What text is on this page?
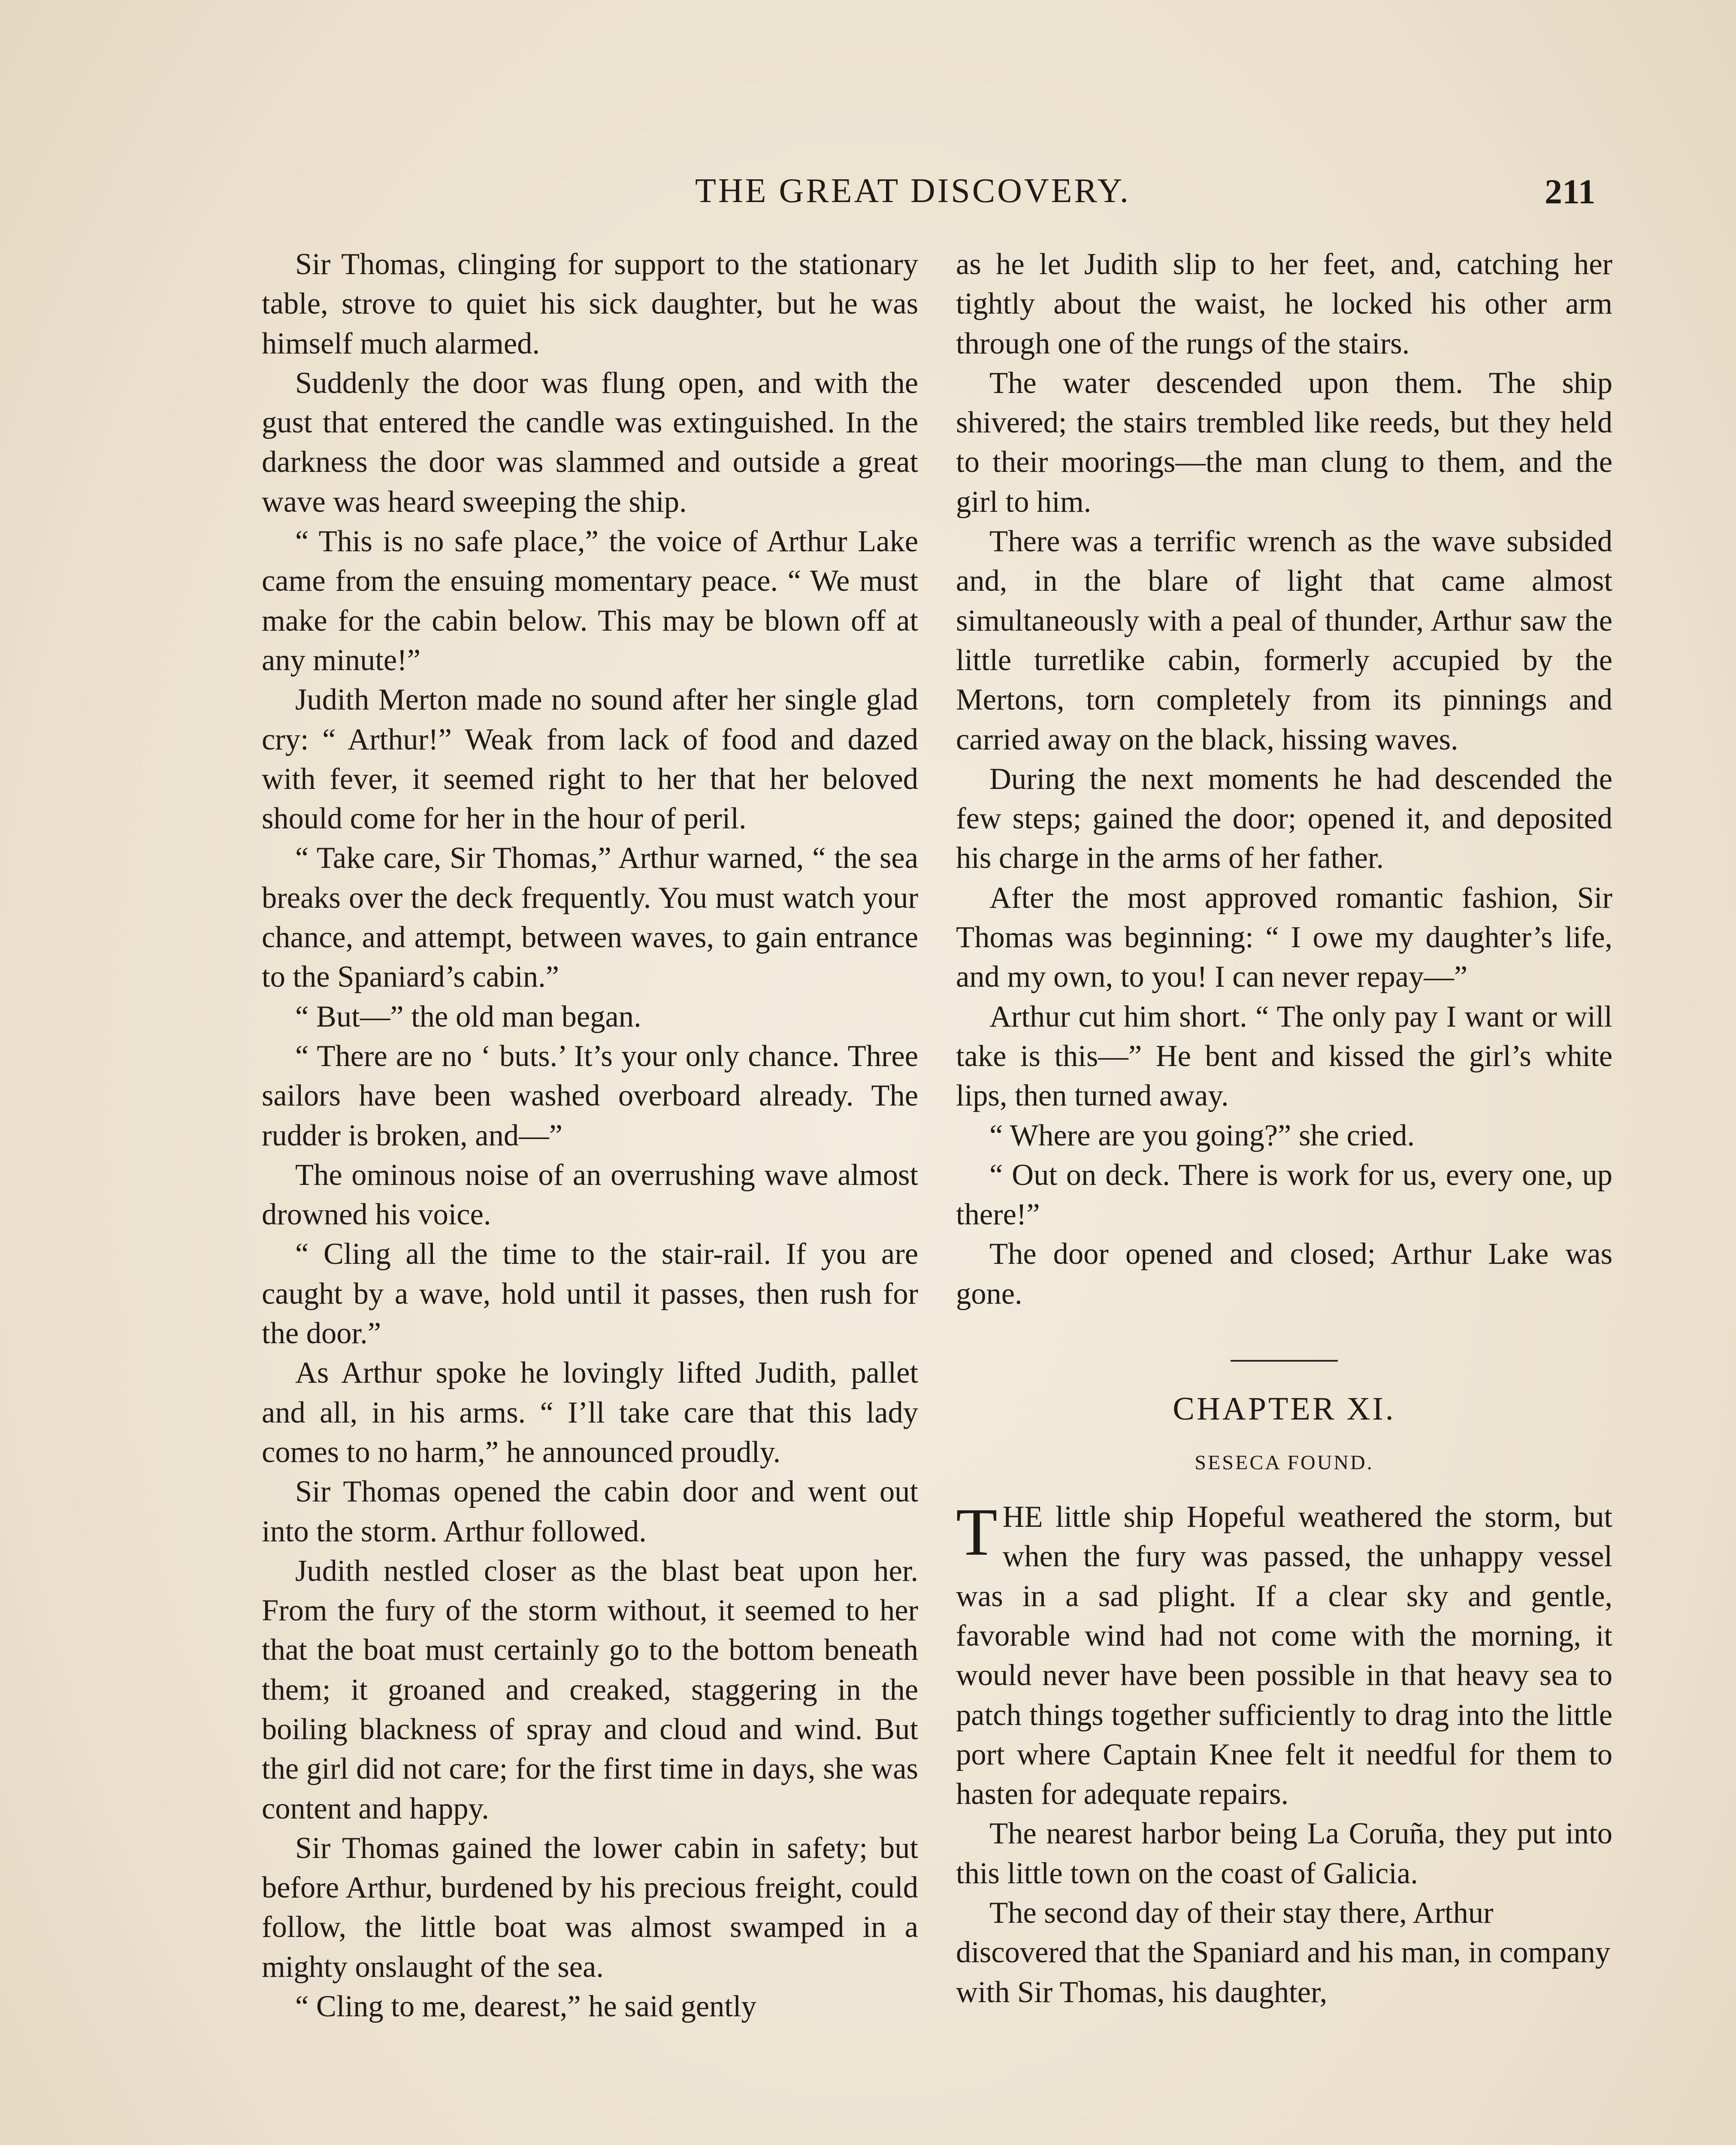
THE GREAT DISCOVERY.	211

Sir Thomas, clinging for support to the stationary table, strove to quiet his sick daughter, but he was himself much alarmed.

Suddenly the door was flung open, and with the gust that entered the candle was extinguished. In the darkness the door was slammed and outside a great wave was heard sweeping the ship.

“ This is no safe place,” the voice of Arthur Lake came from the ensuing momentary peace. “ We must make for the cabin below. This may be blown off at any minute!”

Judith Merton made no sound after her single glad cry: “ Arthur!” Weak from lack of food and dazed with fever, it seemed right to her that her beloved should come for her in the hour of peril.

“ Take care, Sir Thomas,” Arthur warned, “ the sea breaks over the deck frequently. You must watch your chance, and attempt, between waves, to gain entrance to the Spaniard’s cabin.”

“ But—” the old man began.

“ There are no ‘ buts.’ It’s your only chance. Three sailors have been washed overboard already. The rudder is broken, and—”

The ominous noise of an overrushing wave almost drowned his voice.

“ Cling all the time to the stair-rail. If you are caught by a wave, hold until it passes, then rush for the door.”

As Arthur spoke he lovingly lifted Judith, pallet and all, in his arms. “ I’ll take care that this lady comes to no harm,” he announced proudly.

Sir Thomas opened the cabin door and went out into the storm. Arthur followed.

Judith nestled closer as the blast beat upon her. From the fury of the storm without, it seemed to her that the boat must certainly go to the bottom beneath them; it groaned and creaked, staggering in the boiling blackness of spray and cloud and wind. But the girl did not care; for the first time in days, she was content and happy.

Sir Thomas gained the lower cabin in safety; but before Arthur, burdened by his precious freight, could follow, the little boat was almost swamped in a mighty onslaught of the sea.

“ Cling to me, dearest,” he said gently

as he let Judith slip to her feet, and, catching her tightly about the waist, he locked his other arm through one of the rungs of the stairs.

The water descended upon them. The ship shivered; the stairs trembled like reeds, but they held to their moorings—the man clung to them, and the girl to him.

There was a terrific wrench as the wave subsided and, in the blare of light that came almost simultaneously with a peal of thunder, Arthur saw the little turretlike cabin, formerly accupied by the Mertons, torn completely from its pinnings and carried away on the black, hissing waves.

During the next moments he had descended the few steps; gained the door; opened it, and deposited his charge in the arms of her father.

After the most approved romantic fashion, Sir Thomas was beginning: “ I owe my daughter’s life, and my own, to you! I can never repay—”

Arthur cut him short. “ The only pay I want or will take is this—” He bent and kissed the girl’s white lips, then turned away.

“ Where are you going?” she cried.

“ Out on deck. There is work for us, every one, up there!”

The door opened and closed; Arthur Lake was gone.

CHAPTER XI.
SESECA FOUND.

THE little ship Hopeful weathered the storm, but when the fury was passed, the unhappy vessel was in a sad plight. If a clear sky and gentle, favorable wind had not come with the morning, it would never have been possible in that heavy sea to patch things together sufficiently to drag into the little port where Captain Knee felt it needful for them to hasten for adequate repairs.

The nearest harbor being La Coruña, they put into this little town on the coast of Galicia.

The second day of their stay there, Arthur discovered that the Spaniard and his man, in company with Sir Thomas, his daughter,
